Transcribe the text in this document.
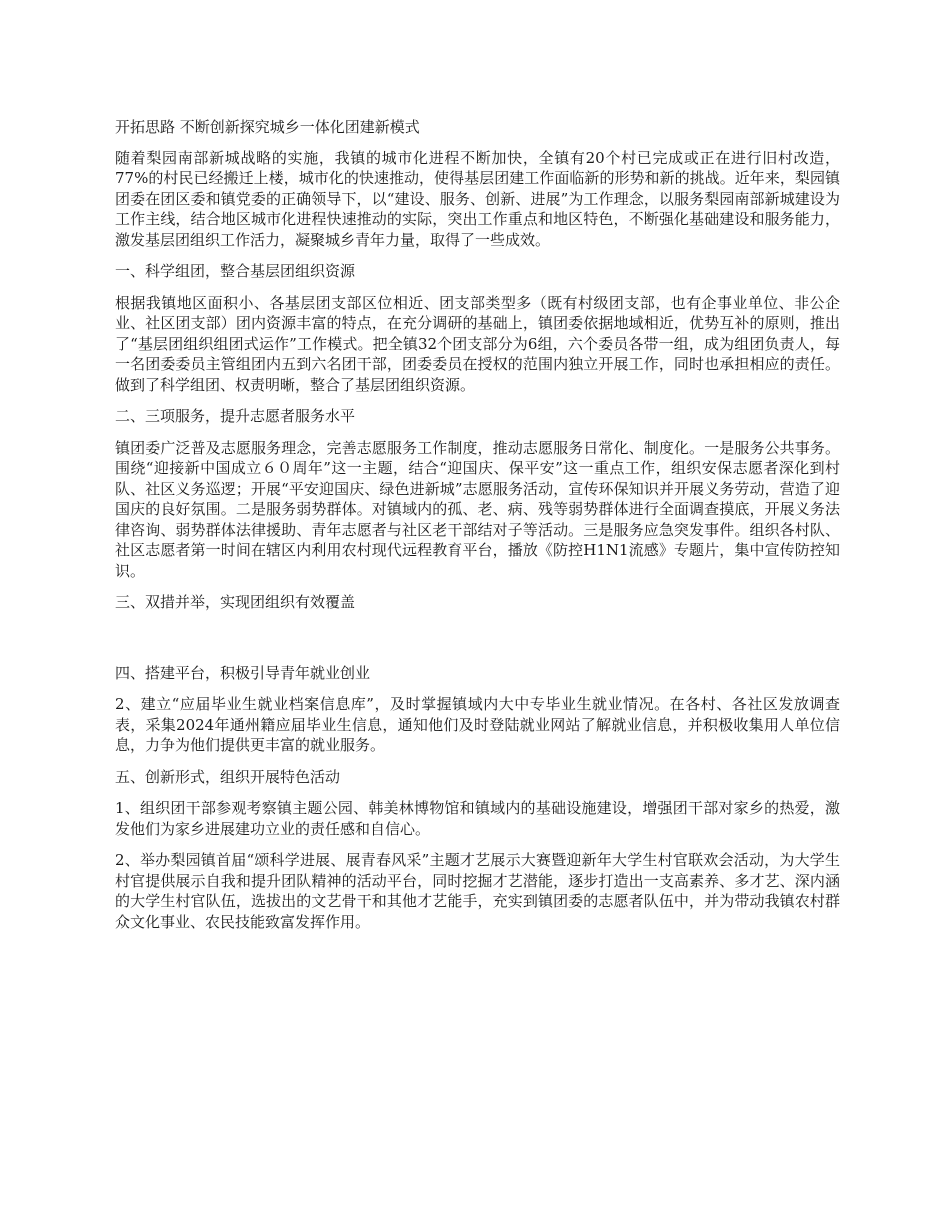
开拓思路 不断创新探究城乡一体化团建新模式

随着梨园南部新城战略的实施，我镇的城市化进程不断加快，全镇有20个村已完成或正在进行旧村改造，77%的村民已经搬迁上楼，城市化的快速推动，使得基层团建工作面临新的形势和新的挑战。近年来，梨园镇团委在团区委和镇党委的正确领导下，以“建设、服务、创新、进展”为工作理念，以服务梨园南部新城建设为工作主线，结合地区城市化进程快速推动的实际，突出工作重点和地区特色，不断强化基础建设和服务能力，激发基层团组织工作活力，凝聚城乡青年力量，取得了一些成效。

一、科学组团，整合基层团组织资源

根据我镇地区面积小、各基层团支部区位相近、团支部类型多（既有村级团支部，也有企事业单位、非公企业、社区团支部）团内资源丰富的特点，在充分调研的基础上，镇团委依据地域相近，优势互补的原则，推出了“基层团组织组团式运作”工作模式。把全镇32个团支部分为6组，六个委员各带一组，成为组团负责人，每一名团委委员主管组团内五到六名团干部，团委委员在授权的范围内独立开展工作，同时也承担相应的责任。做到了科学组团、权责明晰，整合了基层团组织资源。

二、三项服务，提升志愿者服务水平

镇团委广泛普及志愿服务理念，完善志愿服务工作制度，推动志愿服务日常化、制度化。一是服务公共事务。围绕“迎接新中国成立６０周年”这一主题，结合“迎国庆、保平安”这一重点工作，组织安保志愿者深化到村队、社区义务巡逻；开展“平安迎国庆、绿色进新城”志愿服务活动，宣传环保知识并开展义务劳动，营造了迎国庆的良好氛围。二是服务弱势群体。对镇域内的孤、老、病、残等弱势群体进行全面调查摸底，开展义务法律咨询、弱势群体法律援助、青年志愿者与社区老干部结对子等活动。三是服务应急突发事件。组织各村队、社区志愿者第一时间在辖区内利用农村现代远程教育平台，播放《防控H1N1流感》专题片，集中宣传防控知识。

三、双措并举，实现团组织有效覆盖

四、搭建平台，积极引导青年就业创业

2、建立“应届毕业生就业档案信息库”，及时掌握镇域内大中专毕业生就业情况。在各村、各社区发放调查表，采集2024年通州籍应届毕业生信息，通知他们及时登陆就业网站了解就业信息，并积极收集用人单位信息，力争为他们提供更丰富的就业服务。

五、创新形式，组织开展特色活动

1、组织团干部参观考察镇主题公园、韩美林博物馆和镇域内的基础设施建设，增强团干部对家乡的热爱，激发他们为家乡进展建功立业的责任感和自信心。

2、举办梨园镇首届“颂科学进展、展青春风采”主题才艺展示大赛暨迎新年大学生村官联欢会活动，为大学生村官提供展示自我和提升团队精神的活动平台，同时挖掘才艺潜能，逐步打造出一支高素养、多才艺、深内涵的大学生村官队伍，选拔出的文艺骨干和其他才艺能手，充实到镇团委的志愿者队伍中，并为带动我镇农村群众文化事业、农民技能致富发挥作用。
